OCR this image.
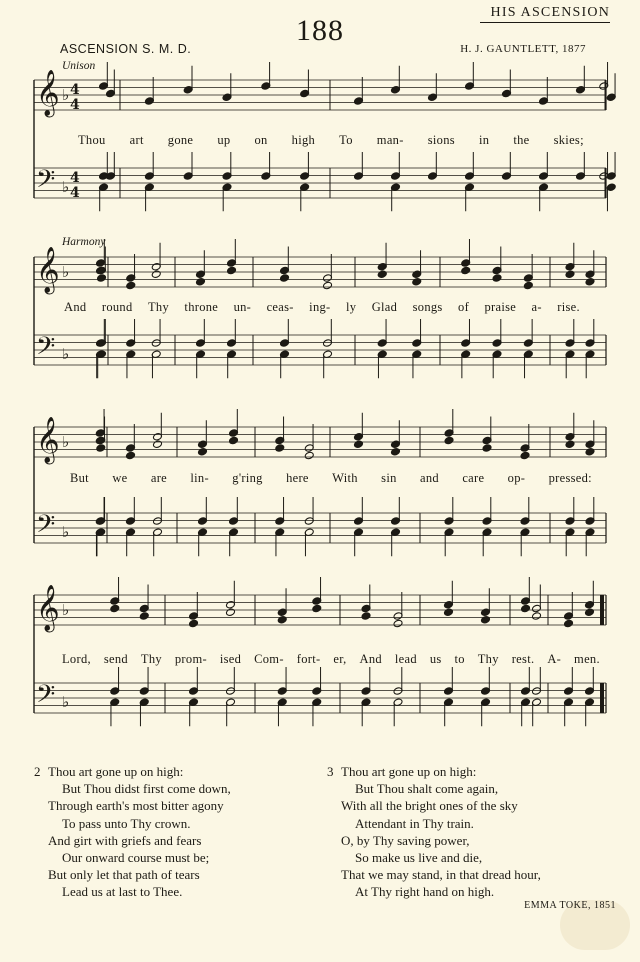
HIS ASCENSION
188
ASCENSION S. M. D.	H. J. GAUNTLETT, 1877
Unison
Harmony
𝄞
𝄢
♭
♭
4
4
4
4
𝄞
𝄢
♭
♭
𝄞
𝄢
♭
♭
𝄞
𝄢
♭
♭
Thou art gone up on high To man- sions in the skies;
And round Thy throne un- ceas- ing- ly Glad songs of praise a- rise.
But we are lin- g'ring here With sin and care op- pressed:
Lord, send Thy prom- ised Com- fort- er, And lead us to Thy rest. A- men.
2 Thou art gone up on high:
But Thou didst first come down,
Through earth's most bitter agony
To pass unto Thy crown.
And girt with griefs and fears
Our onward course must be;
But only let that path of tears
Lead us at last to Thee.
3 Thou art gone up on high:
But Thou shalt come again,
With all the bright ones of the sky
Attendant in Thy train.
O, by Thy saving power,
So make us live and die,
That we may stand, in that dread hour,
At Thy right hand on high.
EMMA TOKE, 1851
